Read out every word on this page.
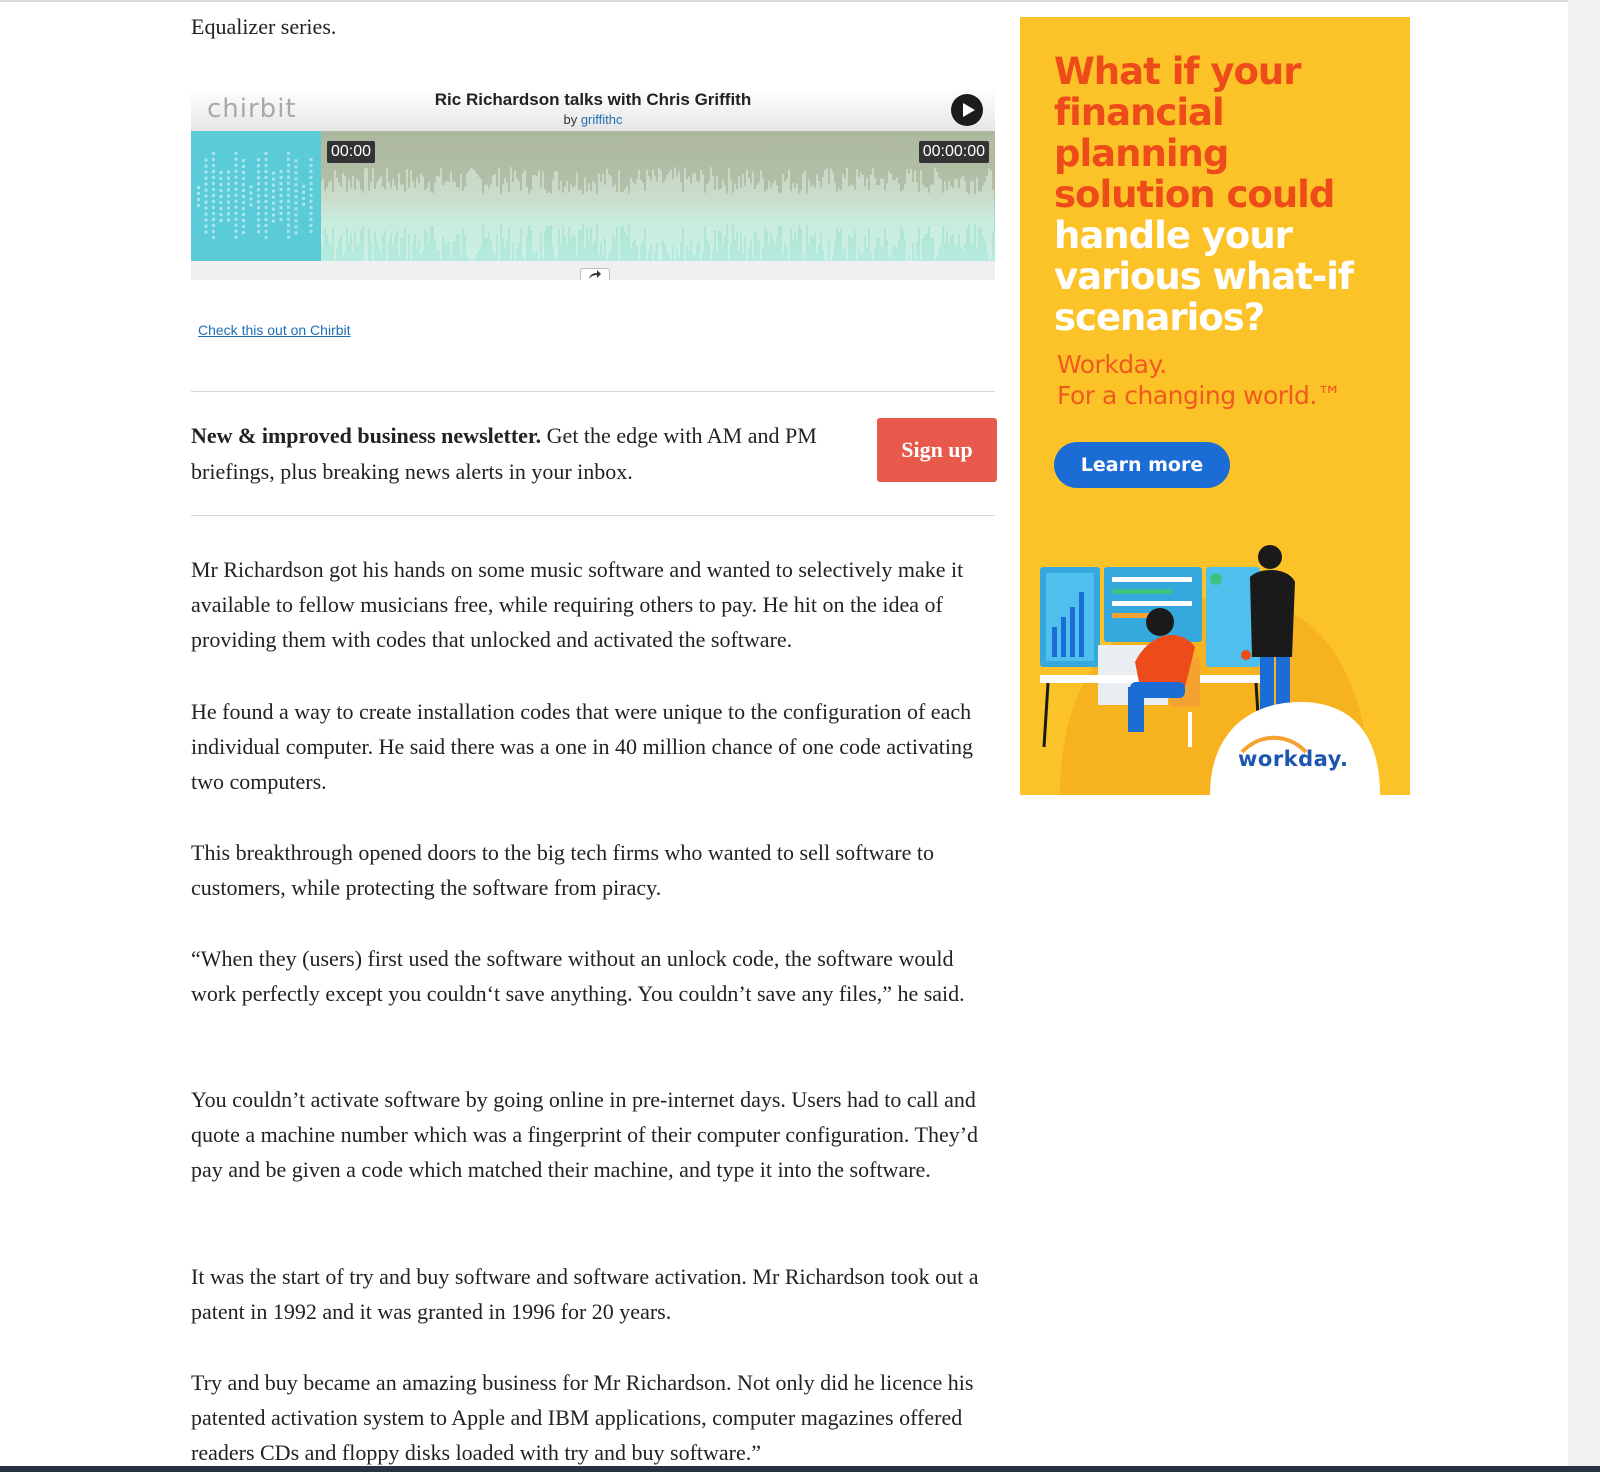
Equalizer series.

chirbit	Ric Richardson talks with Chris Griffith
by griffithc
00:00	00:00:00
Check this out on Chirbit

New & improved business newsletter. Get the edge with AM and PM briefings, plus breaking news alerts in your inbox.

Sign up

Mr Richardson got his hands on some music software and wanted to selectively make it available to fellow musicians free, while requiring others to pay. He hit on the idea of providing them with codes that unlocked and activated the software.

He found a way to create installation codes that were unique to the configuration of each individual computer. He said there was a one in 40 million chance of one code activating two computers.

This breakthrough opened doors to the big tech firms who wanted to sell software to customers, while protecting the software from piracy.

“When they (users) first used the software without an unlock code, the software would work perfectly except you couldn‘t save anything. You couldn’t save any files,” he said.

You couldn’t activate software by going online in pre-internet days. Users had to call and quote a machine number which was a fingerprint of their computer configuration. They’d pay and be given a code which matched their machine, and type it into the software.

It was the start of try and buy software and software activation. Mr Richardson took out a patent in 1992 and it was granted in 1996 for 20 years.

Try and buy became an amazing business for Mr Richardson. Not only did he licence his patented activation system to Apple and IBM applications, computer magazines offered readers CDs and floppy disks loaded with try and buy software.”

What if your financial planning solution could handle your various what-if scenarios?

Workday.
For a changing world.™

Learn more
workday.
